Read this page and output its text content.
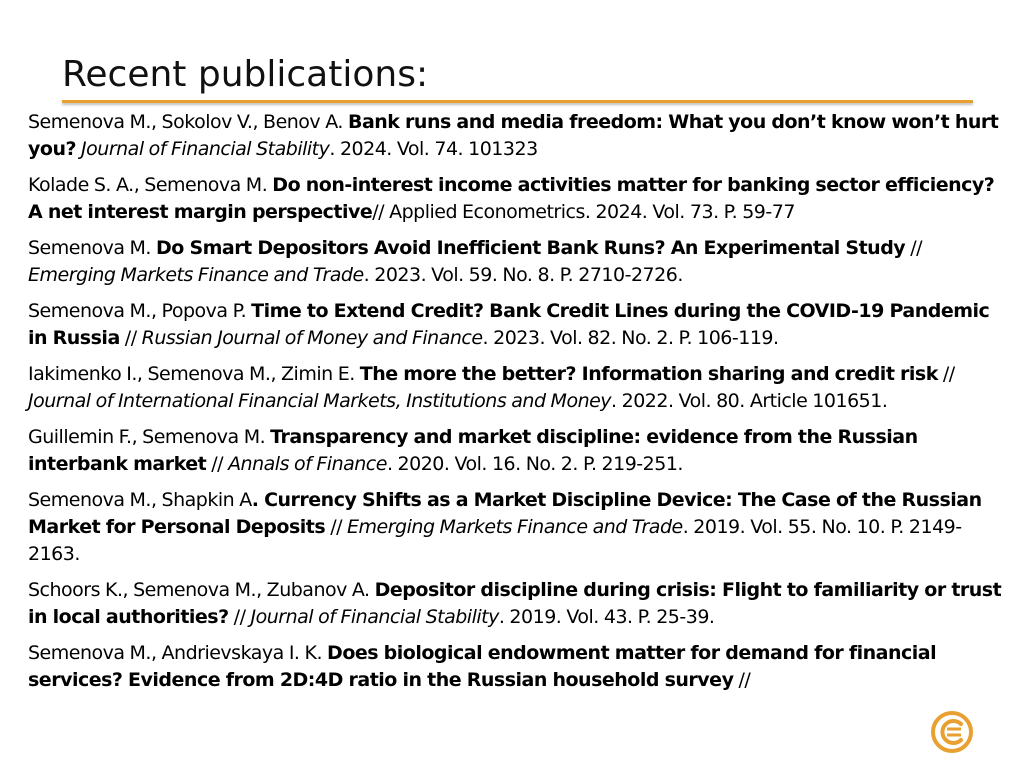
Recent publications:
Semenova M., Sokolov V., Benov A. Bank runs and media freedom: What you don’t know won’t hurt you? Journal of Financial Stability. 2024. Vol. 74. 101323
Kolade S. A., Semenova M. Do non-interest income activities matter for banking sector efficiency? A net interest margin perspective// Applied Econometrics. 2024. Vol. 73. P. 59-77
Semenova M. Do Smart Depositors Avoid Inefficient Bank Runs? An Experimental Study // Emerging Markets Finance and Trade. 2023. Vol. 59. No. 8. P. 2710-2726.
Semenova M., Popova P. Time to Extend Credit? Bank Credit Lines during the COVID-19 Pandemic in Russia // Russian Journal of Money and Finance. 2023. Vol. 82. No. 2. P. 106-119.
Iakimenko I., Semenova M., Zimin E. The more the better? Information sharing and credit risk // Journal of International Financial Markets, Institutions and Money. 2022. Vol. 80. Article 101651.
Guillemin F., Semenova M. Transparency and market discipline: evidence from the Russian interbank market // Annals of Finance. 2020. Vol. 16. No. 2. P. 219-251.
Semenova M., Shapkin A. Currency Shifts as a Market Discipline Device: The Case of the Russian Market for Personal Deposits // Emerging Markets Finance and Trade. 2019. Vol. 55. No. 10. P. 2149-2163.
Schoors K., Semenova M., Zubanov A. Depositor discipline during crisis: Flight to familiarity or trust in local authorities? // Journal of Financial Stability. 2019. Vol. 43. P. 25-39.
Semenova M., Andrievskaya I. K. Does biological endowment matter for demand for financial services? Evidence from 2D:4D ratio in the Russian household survey //
